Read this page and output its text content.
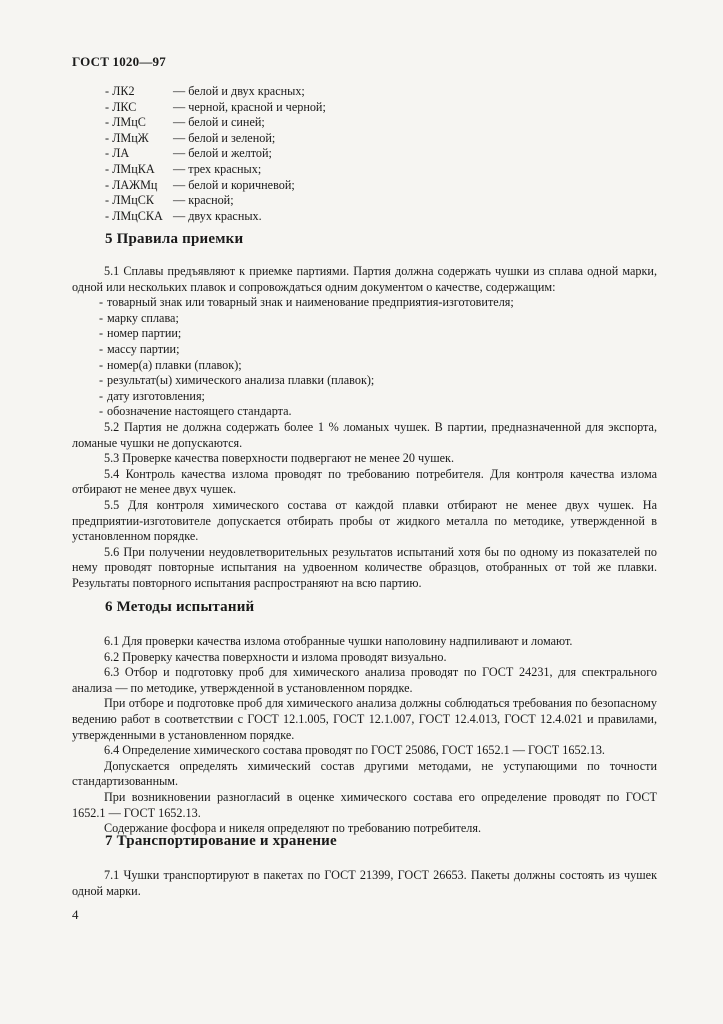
ГОСТ 1020—97
- ЛК2	— белой и двух красных;
- ЛКС	— черной, красной и черной;
- ЛМцС	— белой и синей;
- ЛМцЖ	— белой и зеленой;
- ЛА	— белой и желтой;
- ЛМцКА	— трех красных;
- ЛАЖМц	— белой и коричневой;
- ЛМцСК	— красной;
- ЛМцСКА — двух красных.
5 Правила приемки

5.1 Сплавы предъявляют к приемке партиями. Партия должна содержать чушки из сплава одной марки, одной или нескольких плавок и сопровождаться одним документом о качестве, содержащим:

- товарный знак или товарный знак и наименование предприятия-изготовителя;
- марку сплава;
- номер партии;
- массу партии;
- номер(а) плавки (плавок);
- результат(ы) химического анализа плавки (плавок);
- дату изготовления;
- обозначение настоящего стандарта.

5.2 Партия не должна содержать более 1 % ломаных чушек. В партии, предназначенной для экспорта, ломаные чушки не допускаются.

5.3 Проверке качества поверхности подвергают не менее 20 чушек.

5.4 Контроль качества излома проводят по требованию потребителя. Для контроля качества излома отбирают не менее двух чушек.

5.5 Для контроля химического состава от каждой плавки отбирают не менее двух чушек. На предприятии-изготовителе допускается отбирать пробы от жидкого металла по методике, утвержденной в установленном порядке.

5.6 При получении неудовлетворительных результатов испытаний хотя бы по одному из показателей по нему проводят повторные испытания на удвоенном количестве образцов, отобранных от той же плавки. Результаты повторного испытания распространяют на всю партию.

6 Методы испытаний

6.1 Для проверки качества излома отобранные чушки наполовину надпиливают и ломают.

6.2 Проверку качества поверхности и излома проводят визуально.

6.3 Отбор и подготовку проб для химического анализа проводят по ГОСТ 24231, для спектрального анализа — по методике, утвержденной в установленном порядке.

При отборе и подготовке проб для химического анализа должны соблюдаться требования по безопасному ведению работ в соответствии с ГОСТ 12.1.005, ГОСТ 12.1.007, ГОСТ 12.4.013, ГОСТ 12.4.021 и правилами, утвержденными в установленном порядке.

6.4 Определение химического состава проводят по ГОСТ 25086, ГОСТ 1652.1 — ГОСТ 1652.13.

Допускается определять химический состав другими методами, не уступающими по точности стандартизованным.

При возникновении разногласий в оценке химического состава его определение проводят по ГОСТ 1652.1 — ГОСТ 1652.13.

Содержание фосфора и никеля определяют по требованию потребителя.

7 Транспортирование и хранение

7.1 Чушки транспортируют в пакетах по ГОСТ 21399, ГОСТ 26653. Пакеты должны состоять из чушек одной марки.

4
